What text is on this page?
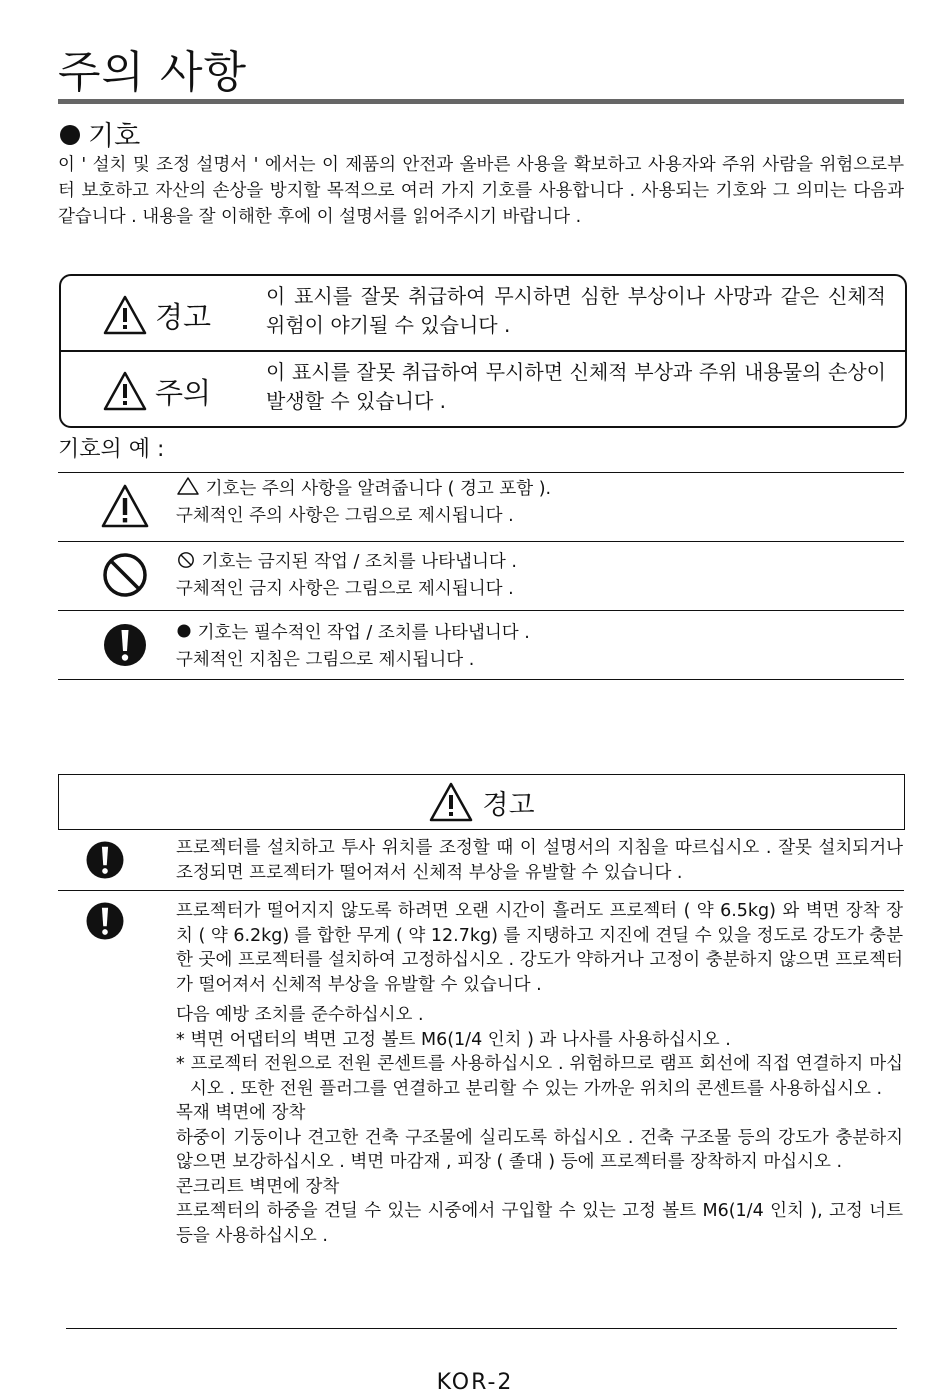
주의 사항
기호
이 ' 설치 및 조정 설명서 ' 에서는 이 제품의 안전과 올바른 사용을 확보하고 사용자와 주위 사람을 위험으로부터 보호하고 자산의 손상을 방지할 목적으로 여러 가지 기호를 사용합니다 . 사용되는 기호와 그 의미는 다음과 같습니다 . 내용을 잘 이해한 후에 이 설명서를 읽어주시기 바랍니다 .
경고
이 표시를 잘못 취급하여 무시하면 심한 부상이나 사망과 같은 신체적 위험이 야기될 수 있습니다 .
주의
이 표시를 잘못 취급하여 무시하면 신체적 부상과 주위 내용물의 손상이 발생할 수 있습니다 .
기호의 예 :
기호는 주의 사항을 알려줍니다 ( 경고 포함 ).
구체적인 주의 사항은 그림으로 제시됩니다 .
기호는 금지된 작업 / 조치를 나타냅니다 .
구체적인 금지 사항은 그림으로 제시됩니다 .
기호는 필수적인 작업 / 조치를 나타냅니다 .
구체적인 지침은 그림으로 제시됩니다 .
경고
프로젝터를 설치하고 투사 위치를 조정할 때 이 설명서의 지침을 따르십시오 . 잘못 설치되거나 조정되면 프로젝터가 떨어져서 신체적 부상을 유발할 수 있습니다 .

프로젝터가 떨어지지 않도록 하려면 오랜 시간이 흘러도 프로젝터 ( 약 6.5kg) 와 벽면 장착 장치 ( 약 6.2kg) 를 합한 무게 ( 약 12.7kg) 를 지탱하고 지진에 견딜 수 있을 정도로 강도가 충분한 곳에 프로젝터를 설치하여 고정하십시오 . 강도가 약하거나 고정이 충분하지 않으면 프로젝터가 떨어져서 신체적 부상을 유발할 수 있습니다 .

다음 예방 조치를 준수하십시오 .

* 벽면 어댑터의 벽면 고정 볼트 M6(1/4 인치 ) 과 나사를 사용하십시오 .

* 프로젝터 전원으로 전원 콘센트를 사용하십시오 . 위험하므로 램프 회선에 직접 연결하지 마십시오 . 또한 전원 플러그를 연결하고 분리할 수 있는 가까운 위치의 콘센트를 사용하십시오 .

목재 벽면에 장착

하중이 기둥이나 견고한 건축 구조물에 실리도록 하십시오 . 건축 구조물 등의 강도가 충분하지 않으면 보강하십시오 . 벽면 마감재 , 피장 ( 졸대 ) 등에 프로젝터를 장착하지 마십시오 .

콘크리트 벽면에 장착

프로젝터의 하중을 견딜 수 있는 시중에서 구입할 수 있는 고정 볼트 M6(1/4 인치 ), 고정 너트 등을 사용하십시오 .

KOR-2
